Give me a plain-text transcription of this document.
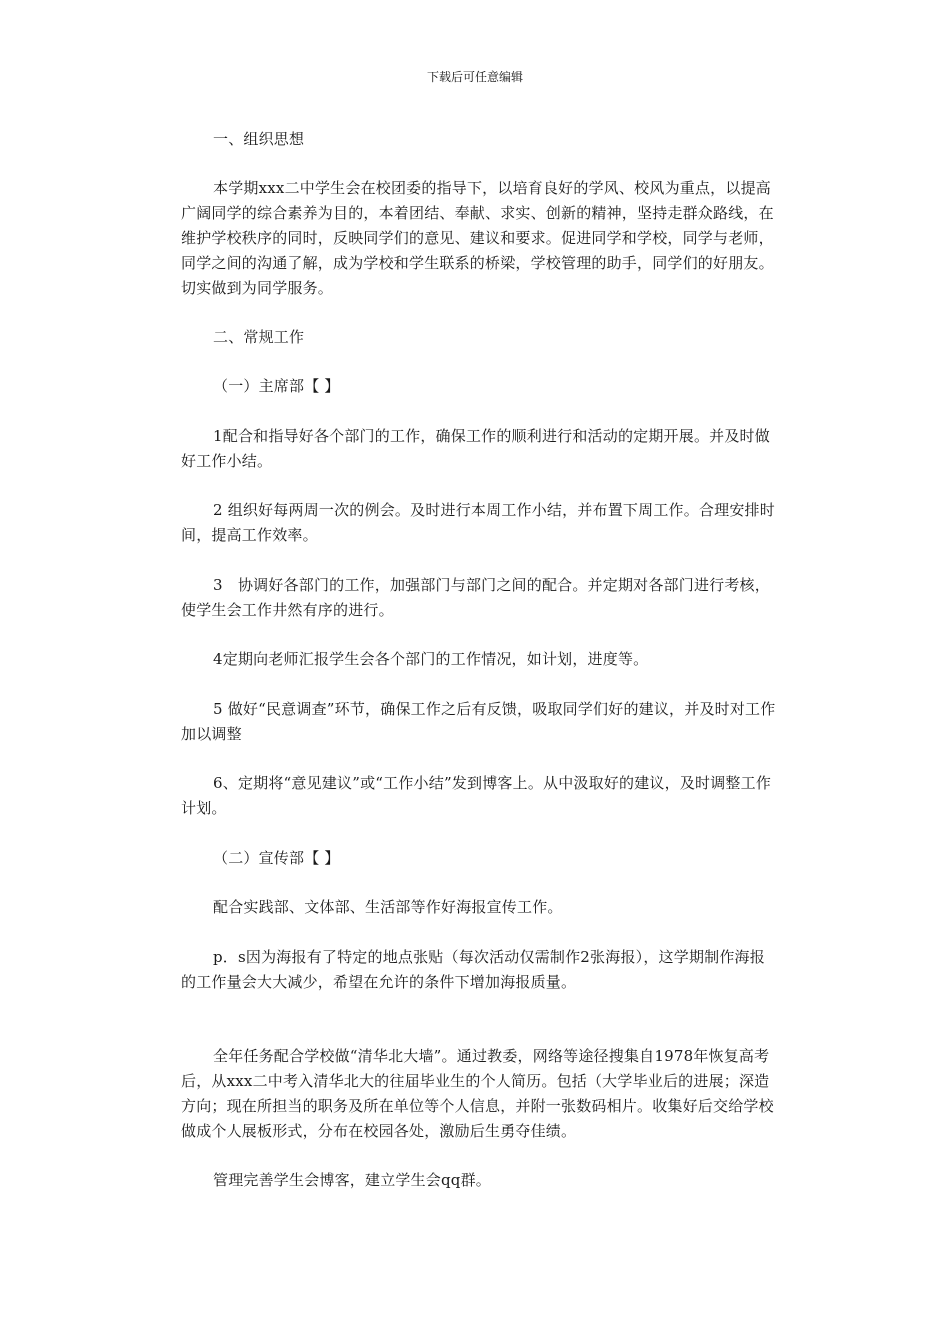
下载后可任意编辑

一、组织思想

本学期xxx二中学生会在校团委的指导下，以培育良好的学风、校风为重点，以提高广阔同学的综合素养为目的，本着团结、奉献、求实、创新的精神，坚持走群众路线，在维护学校秩序的同时，反映同学们的意见、建议和要求。促进同学和学校，同学与老师，同学之间的沟通了解，成为学校和学生联系的桥梁，学校管理的助手，同学们的好朋友。切实做到为同学服务。

二、常规工作

（一）主席部【 】

1配合和指导好各个部门的工作，确保工作的顺利进行和活动的定期开展。并及时做好工作小结。

2 组织好每两周一次的例会。及时进行本周工作小结，并布置下周工作。合理安排时间，提高工作效率。

3　协调好各部门的工作，加强部门与部门之间的配合。并定期对各部门进行考核，使学生会工作井然有序的进行。

4定期向老师汇报学生会各个部门的工作情况，如计划，进度等。

5 做好“民意调查”环节，确保工作之后有反馈，吸取同学们好的建议，并及时对工作加以调整

6、定期将“意见建议”或“工作小结”发到博客上。从中汲取好的建议，及时调整工作计划。

（二）宣传部【 】

配合实践部、文体部、生活部等作好海报宣传工作。

p．s因为海报有了特定的地点张贴（每次活动仅需制作2张海报），这学期制作海报的工作量会大大减少，希望在允许的条件下增加海报质量。

全年任务配合学校做“清华北大墙”。通过教委，网络等途径搜集自1978年恢复高考后，从xxx二中考入清华北大的往届毕业生的个人简历。包括（大学毕业后的进展；深造方向；现在所担当的职务及所在单位等个人信息，并附一张数码相片。收集好后交给学校做成个人展板形式，分布在校园各处，激励后生勇夺佳绩。

管理完善学生会博客，建立学生会qq群。
